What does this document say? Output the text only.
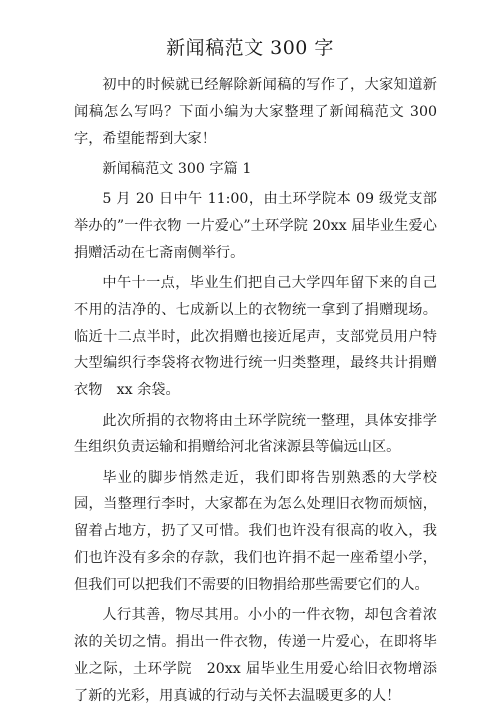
新闻稿范文 300 字

初中的时候就已经解除新闻稿的写作了，大家知道新闻稿怎么写吗？下面小编为大家整理了新闻稿范文 300 字，希望能帮到大家！

新闻稿范文 300 字篇 1

5 月 20 日中午 11:00，由土环学院本 09 级党支部举办的”一件衣物 一片爱心”土环学院 20xx 届毕业生爱心捐赠活动在七斋南侧举行。

中午十一点，毕业生们把自己大学四年留下来的自己不用的洁净的、七成新以上的衣物统一拿到了捐赠现场。临近十二点半时，此次捐赠也接近尾声，支部党员用户特大型编织行李袋将衣物进行统一归类整理，最终共计捐赠衣物　xx 余袋。

此次所捐的衣物将由土环学院统一整理，具体安排学生组织负责运输和捐赠给河北省涞源县等偏远山区。

毕业的脚步悄然走近，我们即将告别熟悉的大学校园，当整理行李时，大家都在为怎么处理旧衣物而烦恼，留着占地方，扔了又可惜。我们也许没有很高的收入，我们也许没有多余的存款，我们也许捐不起一座希望小学，但我们可以把我们不需要的旧物捐给那些需要它们的人。

人行其善，物尽其用。小小的一件衣物，却包含着浓浓的关切之情。捐出一件衣物，传递一片爱心，在即将毕业之际，土环学院　20xx 届毕业生用爱心给旧衣物增添了新的光彩，用真诚的行动与关怀去温暖更多的人！
